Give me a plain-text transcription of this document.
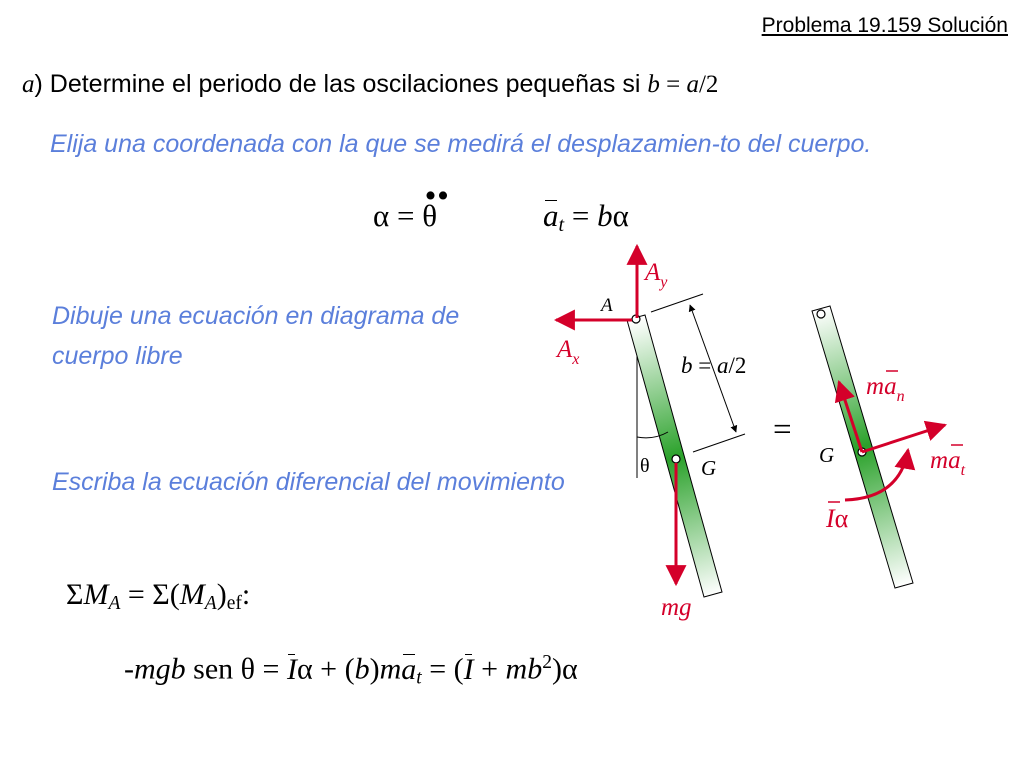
Problema 19.159 Solución
a) Determine el periodo de las oscilaciones pequeñas si b = a/2
Elija una coordenada con la que se medirá el desplazamien-to del cuerpo.
α = ·· θ	$a_t = b\alpha$
Dibuje una ecuación en diagrama de cuerpo libre
Escriba la ecuación diferencial del movimiento
$\Sigma M_A = \Sigma(M_A)_{ef}$:
-mgb sen $\theta = I\alpha + (b)ma_t = (I + mb^2)\alpha$
A
$A_y$
$A_x$	b = a/2
θ G
mg
=
G
$ma_n$
$ma_t$
Iα
